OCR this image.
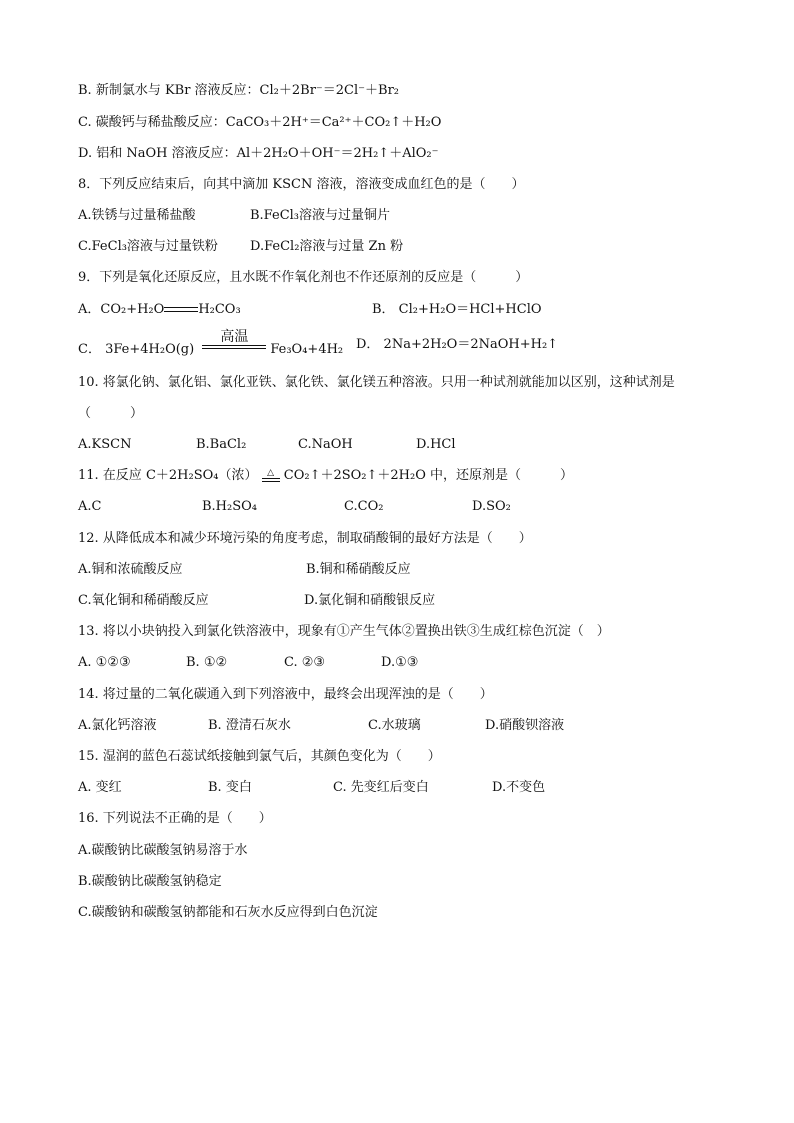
B. 新制氯水与 KBr 溶液反应：Cl₂＋2Br⁻＝2Cl⁻＋Br₂
C. 碳酸钙与稀盐酸反应：CaCO₃＋2H⁺＝Ca²⁺＋CO₂↑＋H₂O
D. 铝和 NaOH 溶液反应：Al＋2H₂O＋OH⁻＝2H₂↑＋AlO₂⁻
8．下列反应结束后，向其中滴加 KSCN 溶液，溶液变成血红色的是（　　）
A.铁锈与过量稀盐酸	B.FeCl₃溶液与过量铜片
C.FeCl₃溶液与过量铁粉 D.FeCl₂溶液与过量 Zn 粉
9．下列是氧化还原反应，且水既不作氧化剂也不作还原剂的反应是（　　　）
A．CO₂+H₂O	H₂CO₃	B． Cl₂+H₂O＝HCl+HClO
C． 3Fe+4H₂O(g)
高温
Fe₃O₄+4H₂ D． 2Na+2H₂O＝2NaOH+H₂↑
10. 将氯化钠、氯化铝、氯化亚铁、氯化铁、氯化镁五种溶液。只用一种试剂就能加以区别，这种试剂是
（　　　）
A.KSCN	B.BaCl₂	C.NaOH	D.HCl
11. 在反应 C＋2H₂SO₄（浓） △ CO₂↑＋2SO₂↑＋2H₂O 中，还原剂是（　　　）
A.C	B.H₂SO₄	C.CO₂	D.SO₂
12. 从降低成本和减少环境污染的角度考虑，制取硝酸铜的最好方法是（　　）
A.铜和浓硫酸反应	B.铜和稀硝酸反应
C.氧化铜和稀硝酸反应	D.氯化铜和硝酸银反应
13. 将以小块钠投入到氯化铁溶液中，现象有①产生气体②置换出铁③生成红棕色沉淀（　）
A. ①②③	B. ①②	C. ②③	D.①③
14. 将过量的二氧化碳通入到下列溶液中，最终会出现浑浊的是（　　）
A.氯化钙溶液	B. 澄清石灰水	C.水玻璃	D.硝酸钡溶液
15. 湿润的蓝色石蕊试纸接触到氯气后，其颜色变化为（　　）
A. 变红	B. 变白	C. 先变红后变白	D.不变色
16. 下列说法不正确的是（　　）
A.碳酸钠比碳酸氢钠易溶于水
B.碳酸钠比碳酸氢钠稳定
C.碳酸钠和碳酸氢钠都能和石灰水反应得到白色沉淀
